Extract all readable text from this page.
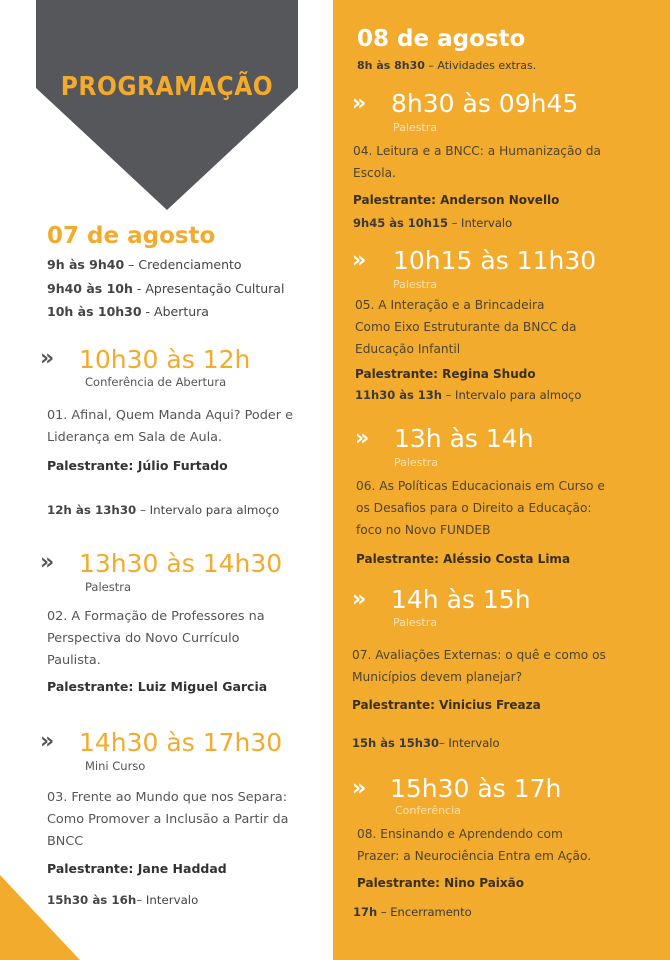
PROGRAMAÇÃO
07 de agosto
9h às 9h40 – Credenciamento
9h40 às 10h - Apresentação Cultural
10h às 10h30 - Abertura
» 10h30 às 12h
Conferência de Abertura
01. Afinal, Quem Manda Aqui? Poder e Liderança em Sala de Aula.
Palestrante: Júlio Furtado
12h às 13h30 – Intervalo para almoço
» 13h30 às 14h30
Palestra
02. A Formação de Professores na Perspectiva do Novo Currículo Paulista.
Palestrante: Luiz Miguel Garcia
» 14h30 às 17h30
Mini Curso
03. Frente ao Mundo que nos Separa: Como Promover a Inclusão a Partir da BNCC
Palestrante: Jane Haddad
15h30 às 16h– Intervalo
08 de agosto
8h às 8h30 – Atividades extras.
» 8h30 às 09h45
Palestra
04. Leitura e a BNCC: a Humanização da Escola.
Palestrante: Anderson Novello
9h45 às 10h15 – Intervalo
» 10h15 às 11h30
Palestra
05. A Interação e a Brincadeira Como Eixo Estruturante da BNCC da Educação Infantil
Palestrante: Regina Shudo
11h30 às 13h – Intervalo para almoço
» 13h às 14h
Palestra
06. As Políticas Educacionais em Curso e os Desafios para o Direito a Educação: foco no Novo FUNDEB
Palestrante: Aléssio Costa Lima
» 14h às 15h
Palestra
07. Avaliações Externas: o quê e como os Municípios devem planejar?
Palestrante: Vinicius Freaza
15h às 15h30– Intervalo
» 15h30 às 17h
Conferência
08. Ensinando e Aprendendo com Prazer: a Neurociência Entra em Ação.
Palestrante: Nino Paixão
17h – Encerramento
